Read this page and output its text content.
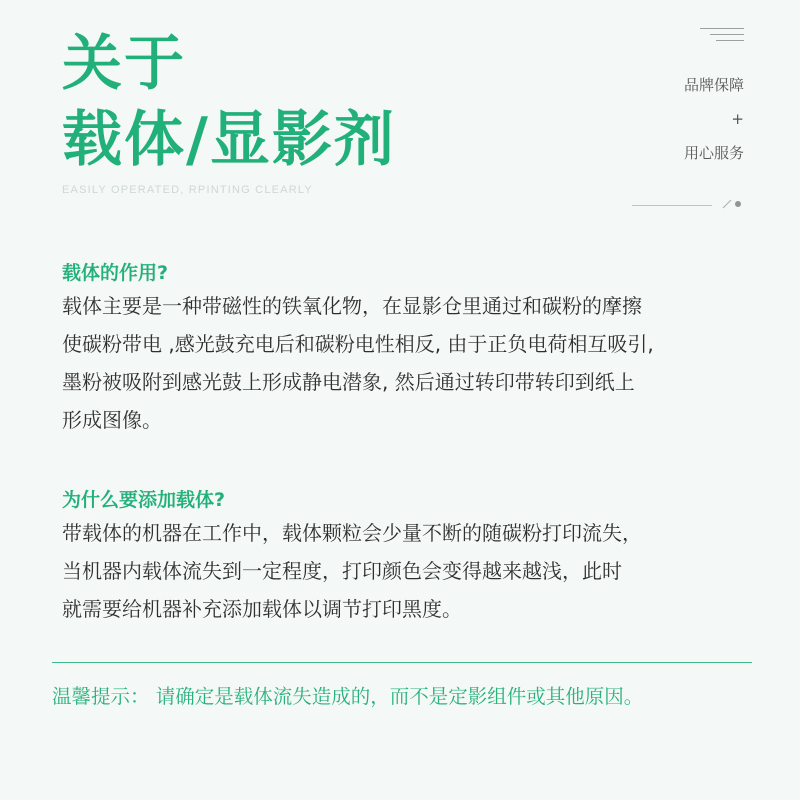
关于
载体/显影剂
EASILY OPERATED, RPINTING CLEARLY
品牌保障
+
用心服务
载体的作用?

载体主要是一种带磁性的铁氧化物，在显影仓里通过和碳粉的摩擦
使碳粉带电 ,感光鼓充电后和碳粉电性相反, 由于正负电荷相互吸引,
墨粉被吸附到感光鼓上形成静电潜象, 然后通过转印带转印到纸上
形成图像。

为什么要添加载体?

带载体的机器在工作中，载体颗粒会少量不断的随碳粉打印流失，
当机器内载体流失到一定程度，打印颜色会变得越来越浅，此时
就需要给机器补充添加载体以调节打印黑度。

温馨提示： 请确定是载体流失造成的，而不是定影组件或其他原因。
